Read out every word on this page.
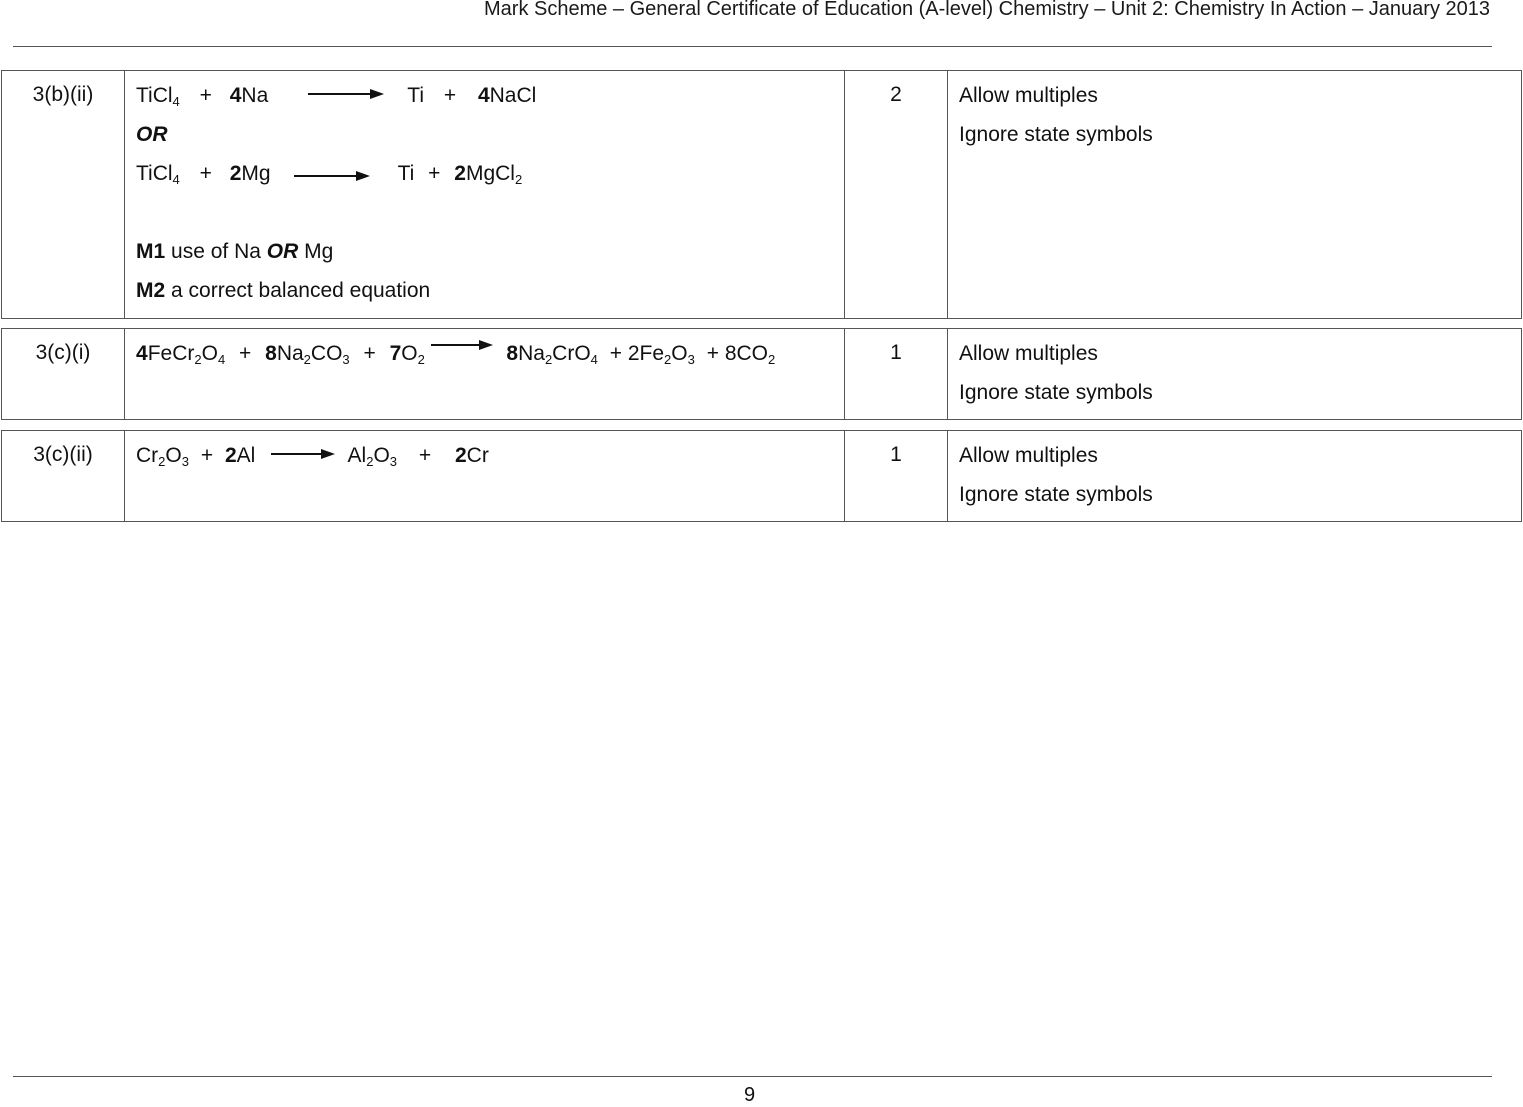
Mark Scheme – General Certificate of Education (A-level) Chemistry – Unit 2: Chemistry In Action – January 2013
3(b)(ii)	TiCl$_4$ + 4Na → Ti + 4NaCl
OR
TiCl$_4$ + 2Mg → Ti + 2MgCl$_2$
M1 use of Na OR Mg
M2 a correct balanced equation

2	Allow multiples
Ignore state symbols
3(c)(i)	$4FeCr_2O_4 + 8Na_2CO_3 + 7O_2 \to 8Na_2CrO_4 + 2Fe_2O_3 + 8CO_2$	1	Allow multiples
Ignore state symbols
3(c)(ii)	$Cr_2O_3 + 2Al \to Al_2O_3 + 2Cr$	1	Allow multiples
Ignore state symbols
9
